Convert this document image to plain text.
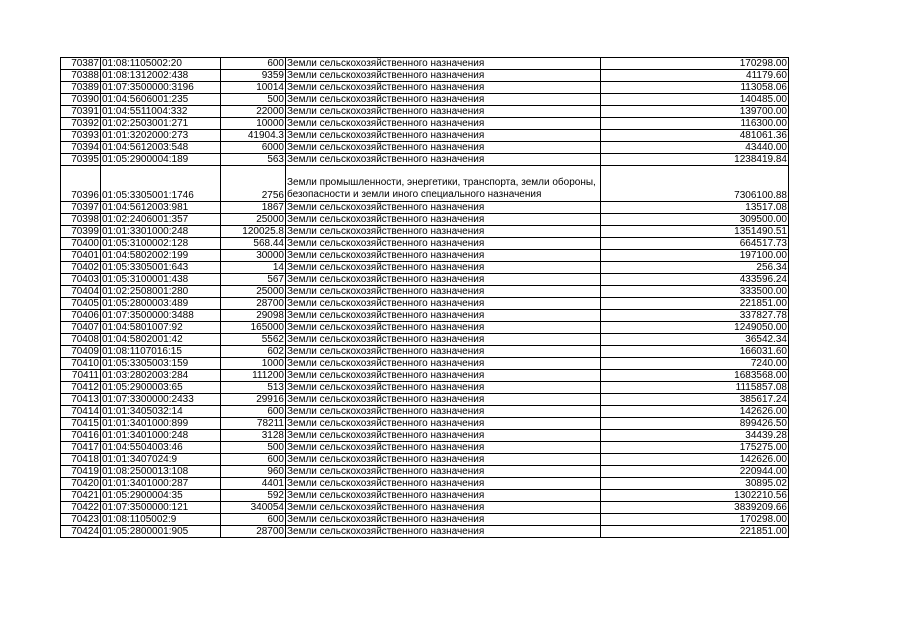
70387	01:08:1105002:20	600	Земли сельскохозяйственного назначения	170298.00
70388	01:08:1312002:438	9359	Земли сельскохозяйственного назначения	41179.60
70389	01:07:3500000:3196	10014	Земли сельскохозяйственного назначения	113058.06
70390	01:04:5606001:235	500	Земли сельскохозяйственного назначения	140485.00
70391	01:04:5511004:332	22000	Земли сельскохозяйственного назначения	139700.00
70392	01:02:2503001:271	10000	Земли сельскохозяйственного назначения	116300.00
70393	01:01:3202000:273	41904.3	Земли сельскохозяйственного назначения	481061.36
70394	01:04:5612003:548	6000	Земли сельскохозяйственного назначения	43440.00
70395	01:05:2900004:189	563	Земли сельскохозяйственного назначения	1238419.84
70396	01:05:3305001:1746	2756	Земли промышленности, энергетики, транспорта, земли обороны, безопасности и земли иного специального назначения	7306100.88
70397	01:04:5612003:981	1867	Земли сельскохозяйственного назначения	13517.08
70398	01:02:2406001:357	25000	Земли сельскохозяйственного назначения	309500.00
70399	01:01:3301000:248	120025.8	Земли сельскохозяйственного назначения	1351490.51
70400	01:05:3100002:128	568.44	Земли сельскохозяйственного назначения	664517.73
70401	01:04:5802002:199	30000	Земли сельскохозяйственного назначения	197100.00
70402	01:05:3305001:643	14	Земли сельскохозяйственного назначения	256.34
70403	01:05:3100001:438	567	Земли сельскохозяйственного назначения	433596.24
70404	01:02:2508001:280	25000	Земли сельскохозяйственного назначения	333500.00
70405	01:05:2800003:489	28700	Земли сельскохозяйственного назначения	221851.00
70406	01:07:3500000:3488	29098	Земли сельскохозяйственного назначения	337827.78
70407	01:04:5801007:92	165000	Земли сельскохозяйственного назначения	1249050.00
70408	01:04:5802001:42	5562	Земли сельскохозяйственного назначения	36542.34
70409	01:08:1107016:15	602	Земли сельскохозяйственного назначения	166031.60
70410	01:05:3305003:159	1000	Земли сельскохозяйственного назначения	7240.00
70411	01:03:2802003:284	111200	Земли сельскохозяйственного назначения	1683568.00
70412	01:05:2900003:65	513	Земли сельскохозяйственного назначения	1115857.08
70413	01:07:3300000:2433	29916	Земли сельскохозяйственного назначения	385617.24
70414	01:01:3405032:14	600	Земли сельскохозяйственного назначения	142626.00
70415	01:01:3401000:899	78211	Земли сельскохозяйственного назначения	899426.50
70416	01:01:3401000:248	3128	Земли сельскохозяйственного назначения	34439.28
70417	01:04:5504003:46	500	Земли сельскохозяйственного назначения	175275.00
70418	01:01:3407024:9	600	Земли сельскохозяйственного назначения	142626.00
70419	01:08:2500013:108	960	Земли сельскохозяйственного назначения	220944.00
70420	01:01:3401000:287	4401	Земли сельскохозяйственного назначения	30895.02
70421	01:05:2900004:35	592	Земли сельскохозяйственного назначения	1302210.56
70422	01:07:3500000:121	340054	Земли сельскохозяйственного назначения	3839209.66
70423	01:08:1105002:9	600	Земли сельскохозяйственного назначения	170298.00
70424	01:05:2800001:905	28700	Земли сельскохозяйственного назначения	221851.00
